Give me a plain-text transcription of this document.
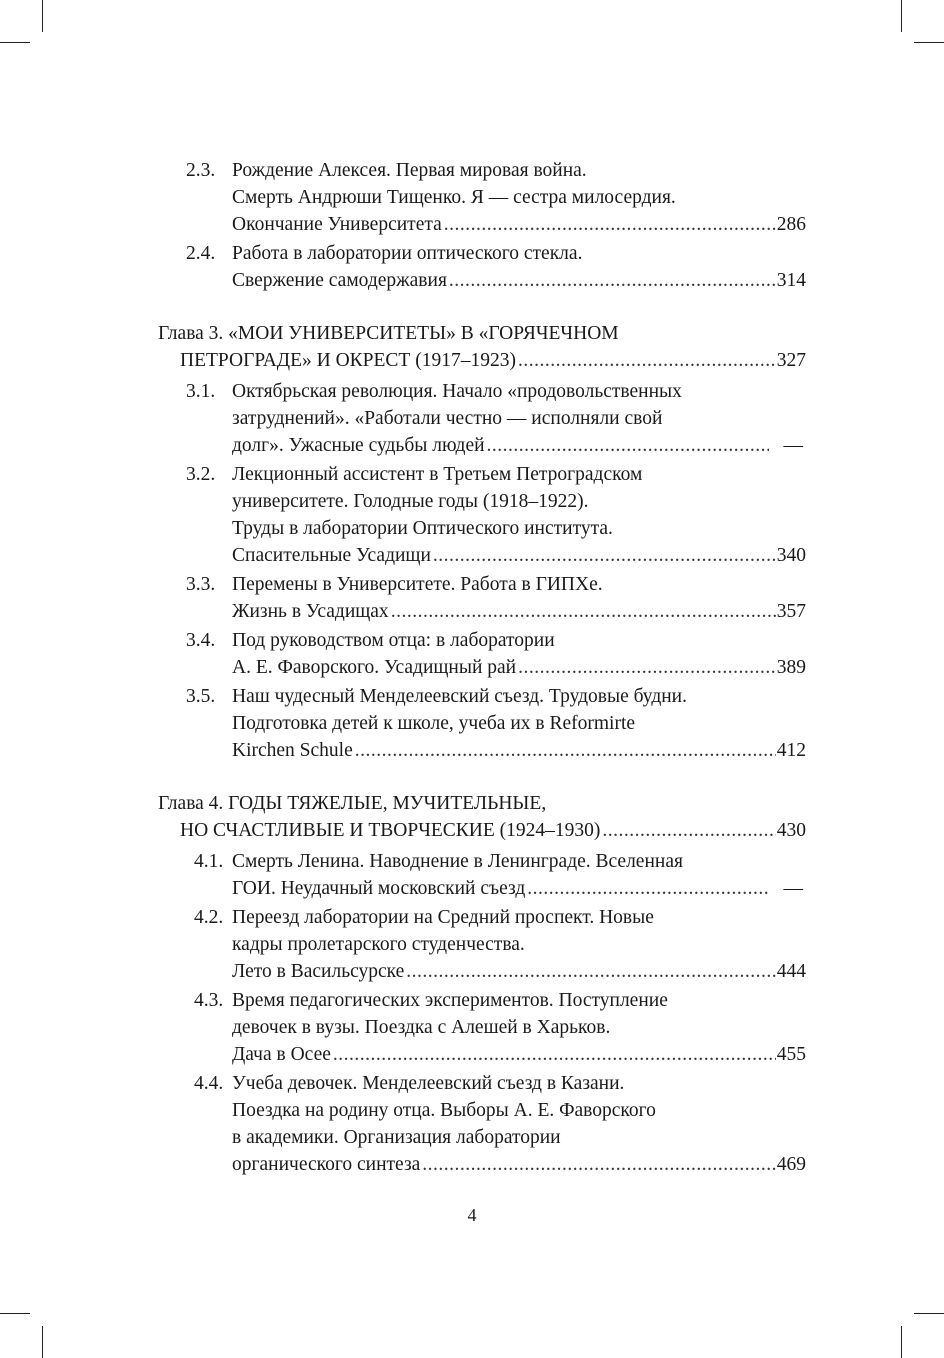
2.3. Рождение Алексея. Первая мировая война.
Смерть Андрюши Тищенко. Я — сестра милосердия.
Окончание Университета .....	286
2.4. Работа в лаборатории оптического стекла.
Свержение самодержавия .....	314
Глава 3. «МОИ УНИВЕРСИТЕТЫ» В «ГОРЯЧЕЧНОМ
ПЕТРОГРАДЕ» И ОКРЕСТ (1917–1923) .....	327
3.1. Октябрьская революция. Начало «продовольственных
затруднений». «Работали честно — исполняли свой
долг». Ужасные судьбы людей .....	—
3.2. Лекционный ассистент в Третьем Петроградском
университете. Голодные годы (1918–1922).
Труды в лаборатории Оптического института.
Спасительные Усадищи .....	340
3.3. Перемены в Университете. Работа в ГИПХе.
Жизнь в Усадищах .....	357
3.4. Под руководством отца: в лаборатории
А. Е. Фаворского. Усадищный рай .....	389
3.5. Наш чудесный Менделеевский съезд. Трудовые будни.
Подготовка детей к школе, учеба их в Reformirte
Kirchen Schule .....	412
Глава 4. ГОДЫ ТЯЖЕЛЫЕ, МУЧИТЕЛЬНЫЕ,
НО СЧАСТЛИВЫЕ И ТВОРЧЕСКИЕ (1924–1930) .....	430
4.1. Смерть Ленина. Наводнение в Ленинграде. Вселенная
ГОИ. Неудачный московский съезд .....	—
4.2. Переезд лаборатории на Средний проспект. Новые
кадры пролетарского студенчества.
Лето в Васильсурске .....	444
4.3. Время педагогических экспериментов. Поступление
девочек в вузы. Поездка с Алешей в Харьков.
Дача в Осее .....	455
4.4. Учеба девочек. Менделеевский съезд в Казани.
Поездка на родину отца. Выборы А. Е. Фаворского
в академики. Организация лаборатории
органического синтеза .....	469
4
